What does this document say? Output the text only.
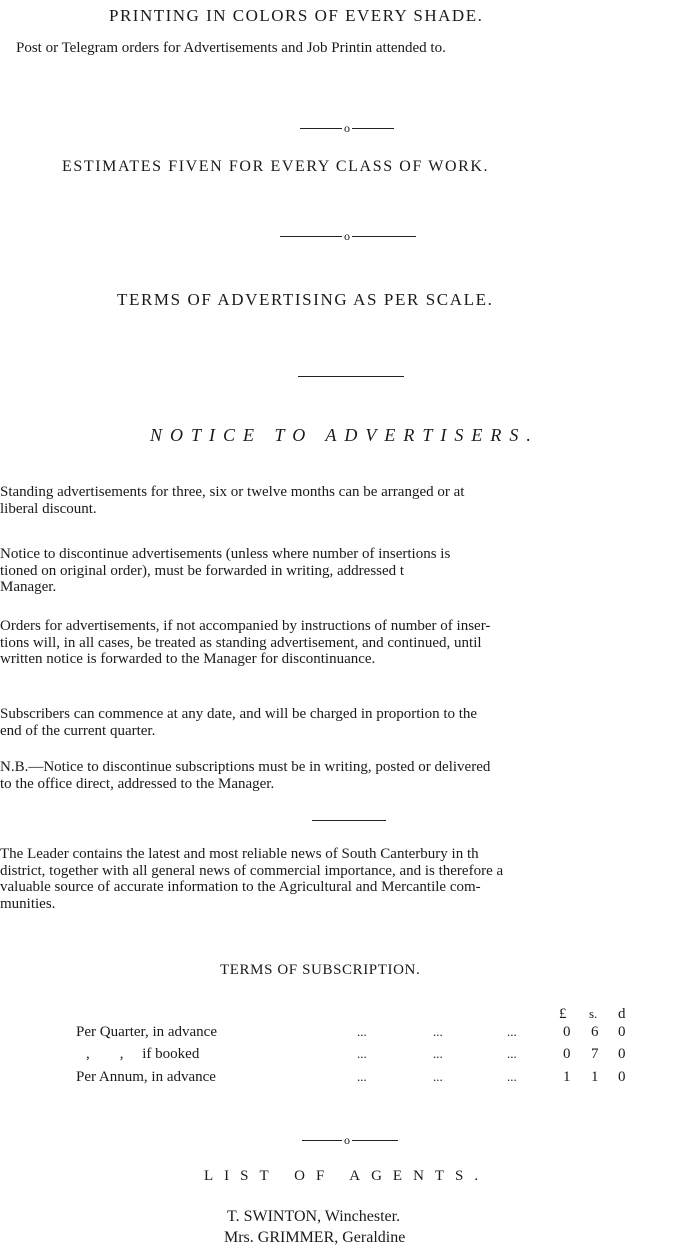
PRINTING IN COLORS OF EVERY SHADE.
Post or Telegram orders for Advertisements and Job Printin attended to.
o
ESTIMATES FIVEN FOR EVERY CLASS OF WORK.
o
TERMS OF ADVERTISING AS PER SCALE.
NOTICE TO ADVERTISERS.
Standing advertisements for three, six or twelve months can be arranged or at
liberal discount.
Notice to discontinue advertisements (unless where number of insertions is
tioned on original order), must be forwarded in writing, addressed t
Manager.
Orders for advertisements, if not accompanied by instructions of number of inser-
tions will, in all cases, be treated as standing advertisement, and continued, until
written notice is forwarded to the Manager for discontinuance.
Subscribers can commence at any date, and will be charged in proportion to the
end of the current quarter.
N.B.—Notice to discontinue subscriptions must be in writing, posted or delivered
to the office direct, addressed to the Manager.
The Leader contains the latest and most reliable news of South Canterbury in th
district, together with all general news of commercial importance, and is therefore a
valuable source of accurate information to the Agricultural and Mercantile com-
munities.
TERMS OF SUBSCRIPTION.
£ s. d
Per Quarter, in advance	...	...	...	0 6 0
,        ,     if booked	...	...	...	0 7 0
Per Annum, in advance	...	...	...	1 1 0
o
LIST OF AGENTS.
T. SWINTON, Winchester.
Mrs. GRIMMER, Geraldine
